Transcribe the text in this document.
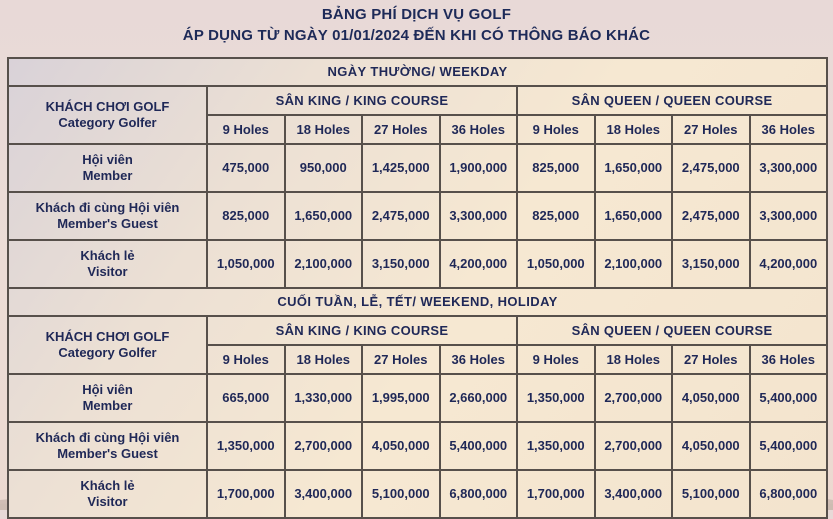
BẢNG PHÍ DỊCH VỤ GOLF
ÁP DỤNG TỪ NGÀY 01/01/2024 ĐẾN KHI CÓ THÔNG BÁO KHÁC
NGÀY THƯỜNG/ WEEKDAY								

KHÁCH CHƠI GOLF
Category Golfer	SÂN KING / KING COURSE				SÂN QUEEN / QUEEN COURSE			
	9 Holes	18 Holes	27 Holes	36 Holes	9 Holes	18 Holes	27 Holes	36 Holes

Hội viên
Member	475,000	950,000	1,425,000	1,900,000	825,000	1,650,000	2,475,000	3,300,000

Khách đi cùng Hội viên
Member's Guest	825,000	1,650,000	2,475,000	3,300,000	825,000	1,650,000	2,475,000	3,300,000

Khách lẻ
Visitor	1,050,000	2,100,000	3,150,000	4,200,000	1,050,000	2,100,000	3,150,000	4,200,000
CUỐI TUẦN, LỄ, TẾT/ WEEKEND, HOLIDAY								

KHÁCH CHƠI GOLF
Category Golfer	SÂN KING / KING COURSE				SÂN QUEEN / QUEEN COURSE			
	9 Holes	18 Holes	27 Holes	36 Holes	9 Holes	18 Holes	27 Holes	36 Holes

Hội viên
Member	665,000	1,330,000	1,995,000	2,660,000	1,350,000	2,700,000	4,050,000	5,400,000

Khách đi cùng Hội viên
Member's Guest	1,350,000	2,700,000	4,050,000	5,400,000	1,350,000	2,700,000	4,050,000	5,400,000

Khách lẻ
Visitor	1,700,000	3,400,000	5,100,000	6,800,000	1,700,000	3,400,000	5,100,000	6,800,000
